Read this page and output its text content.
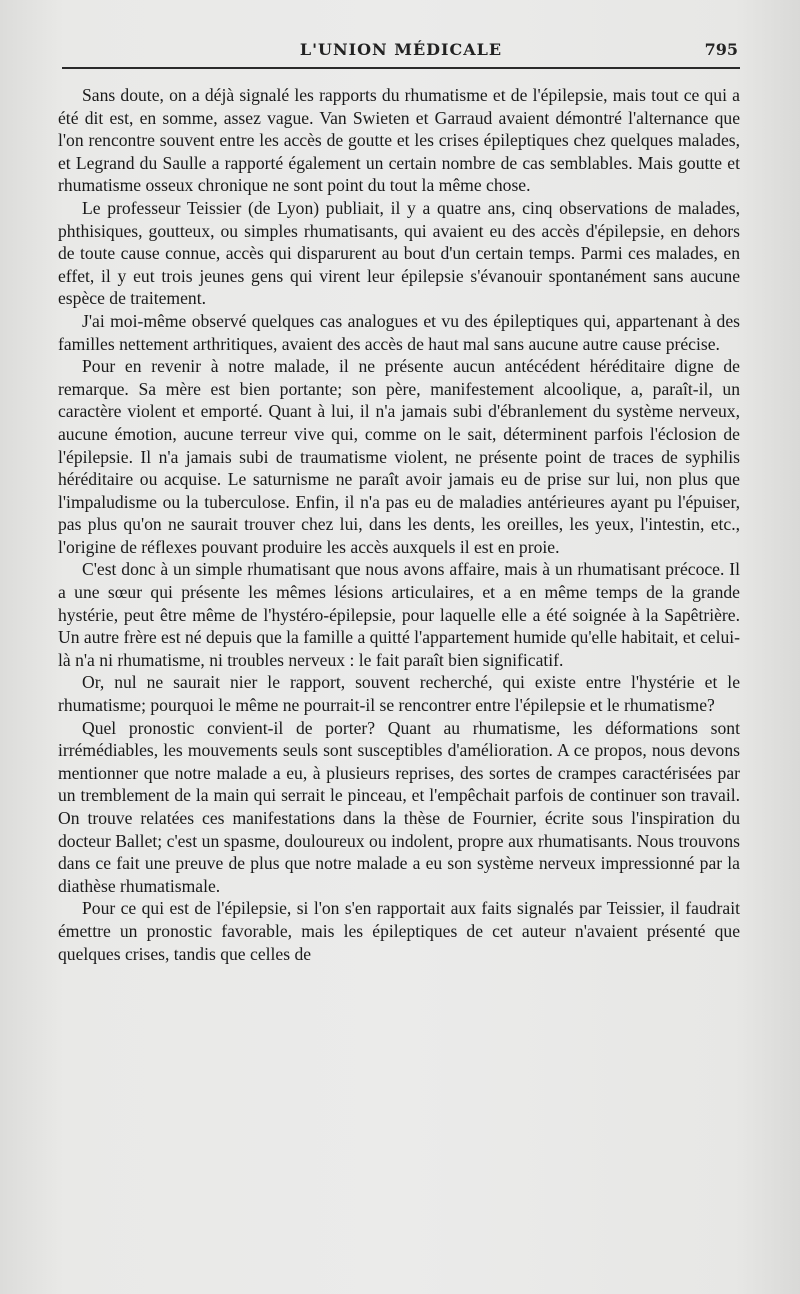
L'UNION MÉDICALE	795

Sans doute, on a déjà signalé les rapports du rhumatisme et de l'épilepsie, mais tout ce qui a été dit est, en somme, assez vague. Van Swieten et Garraud avaient démontré l'alternance que l'on rencontre souvent entre les accès de goutte et les crises épileptiques chez quelques malades, et Legrand du Saulle a rapporté également un certain nombre de cas semblables. Mais goutte et rhumatisme osseux chronique ne sont point du tout la même chose.

Le professeur Teissier (de Lyon) publiait, il y a quatre ans, cinq observations de malades, phthisiques, goutteux, ou simples rhumatisants, qui avaient eu des accès d'épilepsie, en dehors de toute cause connue, accès qui disparurent au bout d'un certain temps. Parmi ces malades, en effet, il y eut trois jeunes gens qui virent leur épilepsie s'évanouir spontanément sans aucune espèce de traitement.

J'ai moi-même observé quelques cas analogues et vu des épileptiques qui, appartenant à des familles nettement arthritiques, avaient des accès de haut mal sans aucune autre cause précise.

Pour en revenir à notre malade, il ne présente aucun antécédent héréditaire digne de remarque. Sa mère est bien portante; son père, manifestement alcoolique, a, paraît-il, un caractère violent et emporté. Quant à lui, il n'a jamais subi d'ébranlement du système nerveux, aucune émotion, aucune terreur vive qui, comme on le sait, déterminent parfois l'éclosion de l'épilepsie. Il n'a jamais subi de traumatisme violent, ne présente point de traces de syphilis héréditaire ou acquise. Le saturnisme ne paraît avoir jamais eu de prise sur lui, non plus que l'impaludisme ou la tuberculose. Enfin, il n'a pas eu de maladies antérieures ayant pu l'épuiser, pas plus qu'on ne saurait trouver chez lui, dans les dents, les oreilles, les yeux, l'intestin, etc., l'origine de réflexes pouvant produire les accès auxquels il est en proie.

C'est donc à un simple rhumatisant que nous avons affaire, mais à un rhumatisant précoce. Il a une sœur qui présente les mêmes lésions articulaires, et a en même temps de la grande hystérie, peut être même de l'hystéro-épilepsie, pour laquelle elle a été soignée à la Sapêtrière. Un autre frère est né depuis que la famille a quitté l'appartement humide qu'elle habitait, et celui-là n'a ni rhumatisme, ni troubles nerveux : le fait paraît bien significatif.

Or, nul ne saurait nier le rapport, souvent recherché, qui existe entre l'hystérie et le rhumatisme; pourquoi le même ne pourrait-il se rencontrer entre l'épilepsie et le rhumatisme?

Quel pronostic convient-il de porter? Quant au rhumatisme, les déformations sont irrémédiables, les mouvements seuls sont susceptibles d'amélioration. A ce propos, nous devons mentionner que notre malade a eu, à plusieurs reprises, des sortes de crampes caractérisées par un tremblement de la main qui serrait le pinceau, et l'empêchait parfois de continuer son travail. On trouve relatées ces manifestations dans la thèse de Fournier, écrite sous l'inspiration du docteur Ballet; c'est un spasme, douloureux ou indolent, propre aux rhumatisants. Nous trouvons dans ce fait une preuve de plus que notre malade a eu son système nerveux impressionné par la diathèse rhumatismale.

Pour ce qui est de l'épilepsie, si l'on s'en rapportait aux faits signalés par Teissier, il faudrait émettre un pronostic favorable, mais les épileptiques de cet auteur n'avaient présenté que quelques crises, tandis que celles de
